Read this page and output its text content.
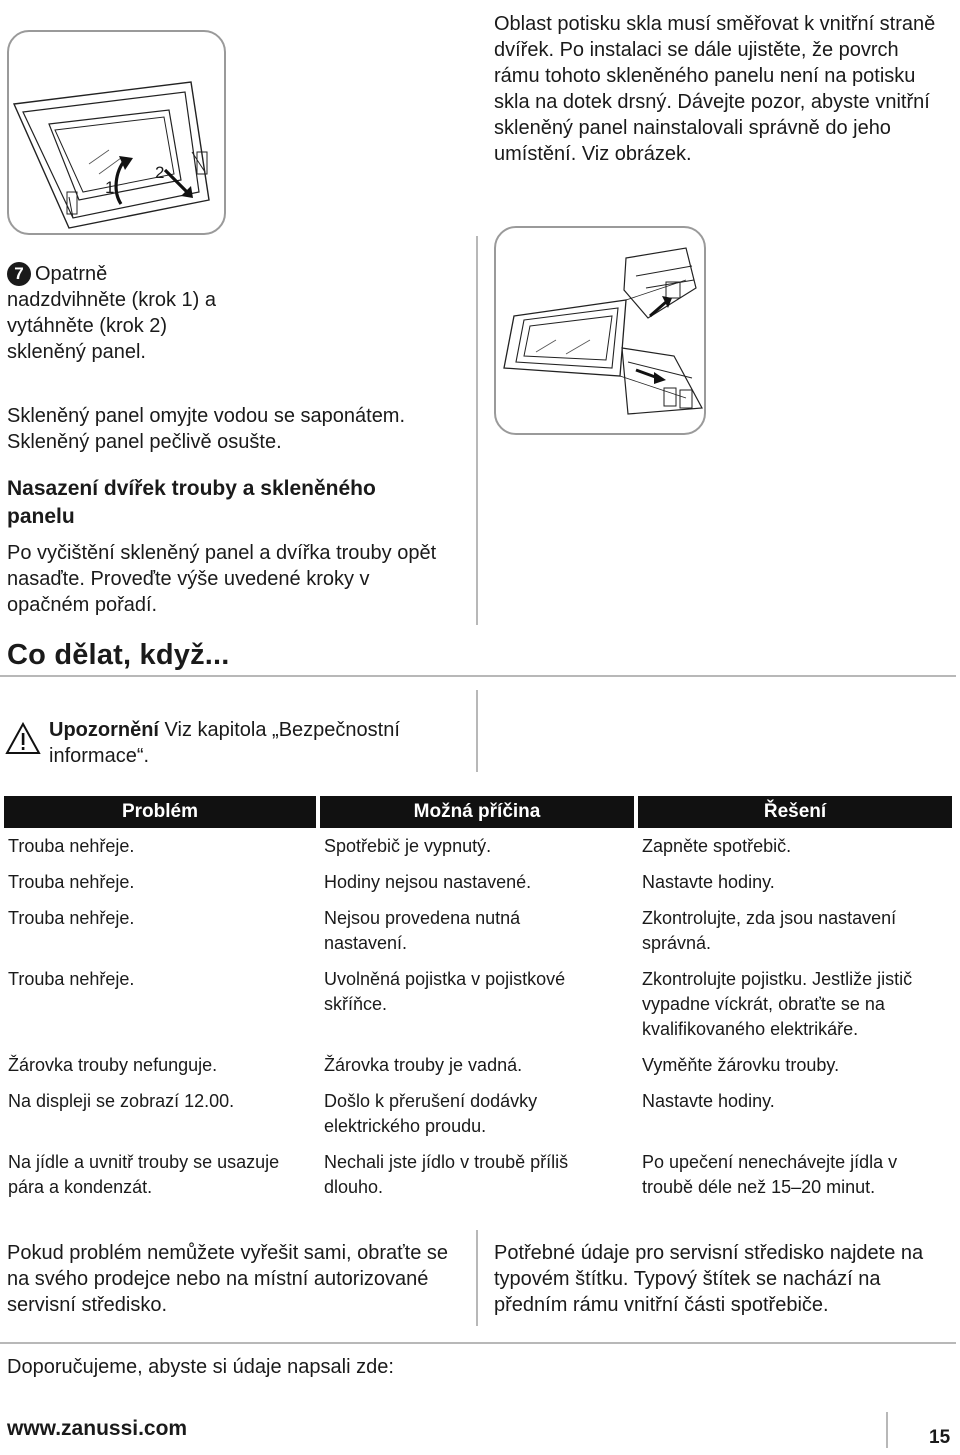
1
2
7 Opatrně nadzdvihněte (krok 1) a vytáhněte (krok 2) skleněný panel.
Oblast potisku skla musí směřovat k vnitřní straně dvířek. Po instalaci se dále ujistěte, že povrch rámu tohoto skleněného panelu není na potisku skla na dotek drsný. Dávejte pozor, abyste vnitřní skleněný panel nainstalovali správně do jeho umístění. Viz obrázek.
Skleněný panel omyjte vodou se saponátem. Skleněný panel pečlivě osušte.
Nasazení dvířek trouby a skleněného panelu
Po vyčištění skleněný panel a dvířka trouby opět nasaďte. Proveďte výše uvedené kroky v opačném pořadí.
Co dělat, když...
Upozornění Viz kapitola „Bezpečnostní informace“.
Problém	Možná příčina	Řešení
Trouba nehřeje.	Spotřebič je vypnutý.	Zapněte spotřebič.
Trouba nehřeje.	Hodiny nejsou nastavené.	Nastavte hodiny.
Trouba nehřeje.	Nejsou provedena nutná nastavení.	Zkontrolujte, zda jsou nastavení správná.
Trouba nehřeje.	Uvolněná pojistka v pojistkové skříňce.	Zkontrolujte pojistku. Jestliže jistič vypadne víckrát, obraťte se na kvalifikovaného elektrikáře.
Žárovka trouby nefunguje.	Žárovka trouby je vadná.	Vyměňte žárovku trouby.
Na displeji se zobrazí 12.00.	Došlo k přerušení dodávky elektrického proudu.	Nastavte hodiny.
Na jídle a uvnitř trouby se usazuje pára a kondenzát.	Nechali jste jídlo v troubě příliš dlouho.	Po upečení nenechávejte jídla v troubě déle než 15–20 minut.
Pokud problém nemůžete vyřešit sami, obraťte se na svého prodejce nebo na místní autorizované servisní středisko.
Potřebné údaje pro servisní středisko najdete na typovém štítku. Typový štítek se nachází na předním rámu vnitřní části spotřebiče.
Doporučujeme, abyste si údaje napsali zde:
www.zanussi.com	15
